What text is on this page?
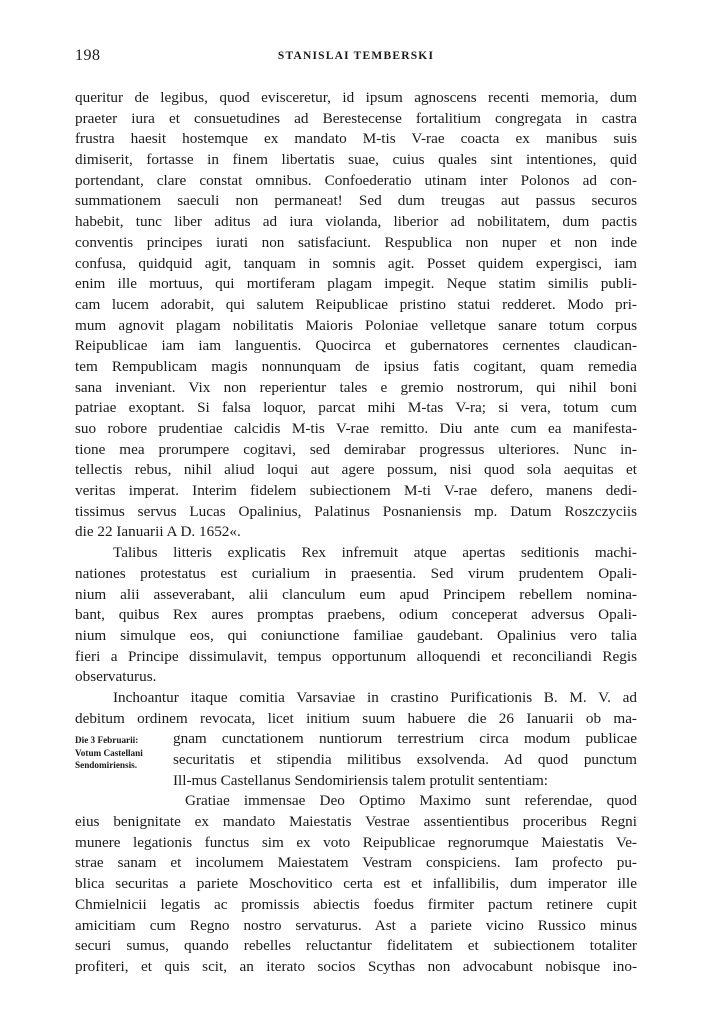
198	STANISLAI TEMBERSKI
queritur de legibus, quod evisceretur, id ipsum agnoscens recenti memoria, dum
praeter iura et consuetudines ad Berestecense fortalitium congregata in castra
frustra haesit hostemque ex mandato M-tis V-rae coacta ex manibus suis
dimiserit, fortasse in finem libertatis suae, cuius quales sint intentiones, quid
portendant, clare constat omnibus. Confoederatio utinam inter Polonos ad con-
summationem saeculi non permaneat! Sed dum treugas aut passus securos
habebit, tunc liber aditus ad iura violanda, liberior ad nobilitatem, dum pactis
conventis principes iurati non satisfaciunt. Respublica non nuper et non inde
confusa, quidquid agit, tanquam in somnis agit. Posset quidem expergisci, iam
enim ille mortuus, qui mortiferam plagam impegit. Neque statim similis publi-
cam lucem adorabit, qui salutem Reipublicae pristino statui redderet. Modo pri-
mum agnovit plagam nobilitatis Maioris Poloniae velletque sanare totum corpus
Reipublicae iam iam languentis. Quocirca et gubernatores cernentes claudican-
tem Rempublicam magis nonnunquam de ipsius fatis cogitant, quam remedia
sana inveniant. Vix non reperientur tales e gremio nostrorum, qui nihil boni
patriae exoptant. Si falsa loquor, parcat mihi M-tas V-ra; si vera, totum cum
suo robore prudentiae calcidis M-tis V-rae remitto. Diu ante cum ea manifesta-
tione mea prorumpere cogitavi, sed demirabar progressus ulteriores. Nunc in-
tellectis rebus, nihil aliud loqui aut agere possum, nisi quod sola aequitas et
veritas imperat. Interim fidelem subiectionem M-ti V-rae defero, manens dedi-
tissimus servus Lucas Opalinius, Palatinus Posnaniensis mp. Datum Roszczyciis
die 22 Ianuarii A D. 1652«.
Talibus litteris explicatis Rex infremuit atque apertas seditionis machi-
nationes protestatus est curialium in praesentia. Sed virum prudentem Opali-
nium alii asseverabant, alii clanculum eum apud Principem rebellem nomina-
bant, quibus Rex aures promptas praebens, odium conceperat adversus Opali-
nium simulque eos, qui coniunctione familiae gaudebant. Opalinius vero talia
fieri a Principe dissimulavit, tempus opportunum alloquendi et reconciliandi Regis
observaturus.
Inchoantur itaque comitia Varsaviae in crastino Purificationis B. M. V. ad
debitum ordinem revocata, licet initium suum habuere die 26 Ianuarii ob ma-
gnam cunctationem nuntiorum terrestrium circa modum publicae
securitatis et stipendia militibus exsolvenda. Ad quod punctum
Ill-mus Castellanus Sendomiriensis talem protulit sententiam:
Gratiae immensae Deo Optimo Maximo sunt referendae, quod
eius benignitate ex mandato Maiestatis Vestrae assentientibus proceribus Regni
munere legationis functus sim ex voto Reipublicae regnorumque Maiestatis Ve-
strae sanam et incolumem Maiestatem Vestram conspiciens. Iam profecto pu-
blica securitas a pariete Moschovitico certa est et infallibilis, dum imperator ille
Chmielnicii legatis ac promissis abiectis foedus firmiter pactum retinere cupit
amicitiam cum Regno nostro servaturus. Ast a pariete vicino Russico minus
securi sumus, quando rebelles reluctantur fidelitatem et subiectionem totaliter
profiteri, et quis scit, an iterato socios Scythas non advocabunt nobisque ino-
Die 3 Februarii:
Votum Castellani
Sendomiriensis.
